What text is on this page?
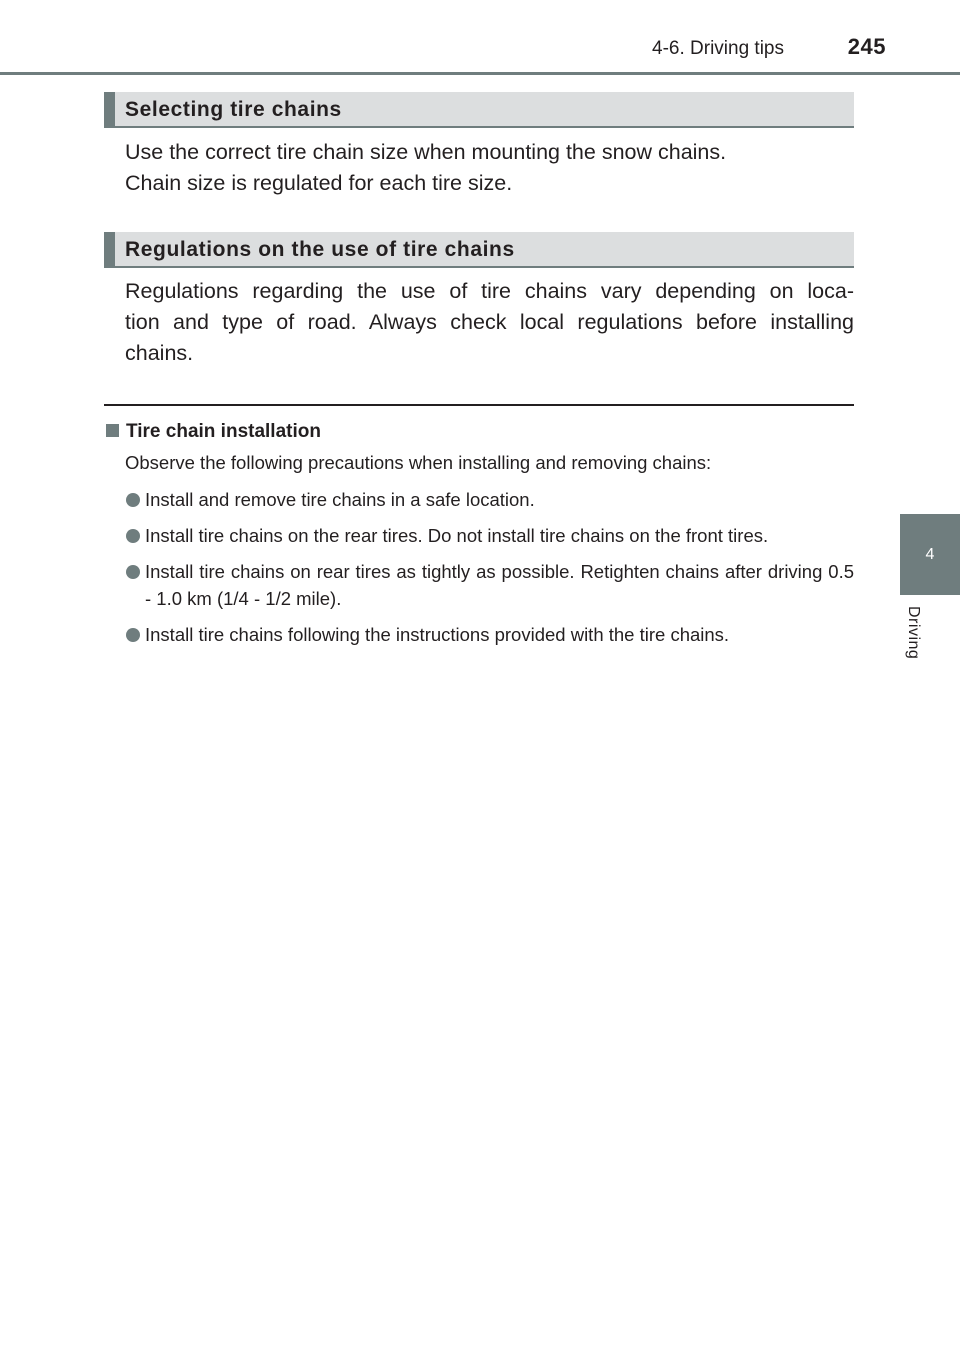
4-6. Driving tips	245
4
Driving
Selecting tire chains

Use the correct tire chain size when mounting the snow chains.
Chain size is regulated for each tire size.

Regulations on the use of tire chains

Regulations regarding the use of tire chains vary depending on loca-
tion and type of road. Always check local regulations before installing
chains.

Tire chain installation

Observe the following precautions when installing and removing chains:

Install and remove tire chains in a safe location.

Install tire chains on the rear tires. Do not install tire chains on the front tires.

Install tire chains on rear tires as tightly as possible. Retighten chains after driving 0.5 - 1.0 km (1/4 - 1/2 mile).

Install tire chains following the instructions provided with the tire chains.
